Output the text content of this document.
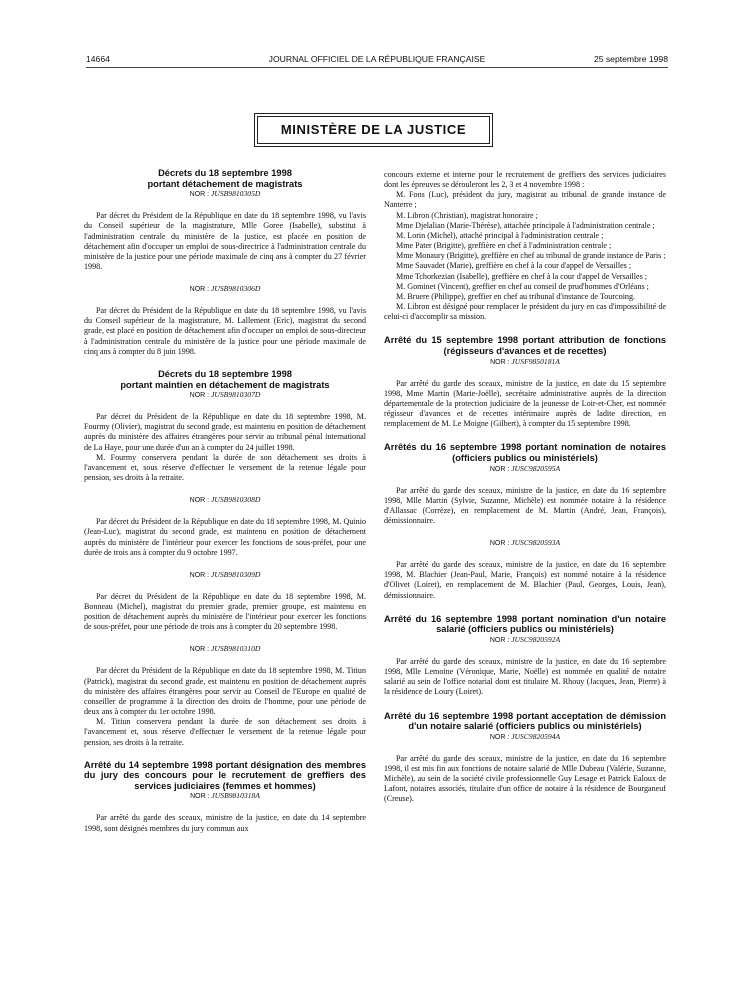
14664	JOURNAL OFFICIEL DE LA RÉPUBLIQUE FRANÇAISE	25 septembre 1998
MINISTÈRE DE LA JUSTICE
Décrets du 18 septembre 1998
portant détachement de magistrats
NOR : JUSB9810305D
Par décret du Président de la République en date du 18 septembre 1998, vu l'avis du Conseil supérieur de la magistrature, Mlle Goree (Isabelle), substitut à l'administration centrale du ministère de la justice, est placée en position de détachement afin d'occuper un emploi de sous-directrice à l'administration centrale du ministère de la justice pour une période maximale de cinq ans à compter du 27 février 1998.
NOR : JUSB9810306D
Par décret du Président de la République en date du 18 septembre 1998, vu l'avis du Conseil supérieur de la magistrature, M. Lallement (Eric), magistrat du second grade, est placé en position de détachement afin d'occuper un emploi de sous-directeur à l'administration centrale du ministère de la justice pour une période maximale de cinq ans à compter du 8 juin 1998.
Décrets du 18 septembre 1998
portant maintien en détachement de magistrats
NOR : JUSB9810307D
Par décret du Président de la République en date du 18 septembre 1998, M. Fourmy (Olivier), magistrat du second grade, est maintenu en position de détachement auprès du ministère des affaires étrangères pour servir au tribunal pénal international de La Haye, pour une durée d'un an à compter du 24 juillet 1998.
M. Fourmy conservera pendant la durée de son détachement ses droits à l'avancement et, sous réserve d'effectuer le versement de la retenue légale pour pension, ses droits à la retraite.
NOR : JUSB9810308D
Par décret du Président de la République en date du 18 septembre 1998, M. Quinio (Jean-Luc), magistrat du second grade, est maintenu en position de détachement auprès du ministère de l'intérieur pour exercer les fonctions de sous-préfet, pour une durée de trois ans à compter du 9 octobre 1997.
NOR : JUSB9810309D
Par décret du Président de la République en date du 18 septembre 1998, M. Bonneau (Michel), magistrat du premier grade, premier groupe, est maintenu en position de détachement auprès du ministère de l'intérieur pour exercer les fonctions de sous-préfet, pour une période de trois ans à compter du 20 septembre 1998.
NOR : JUSB9810310D
Par décret du Président de la République en date du 18 septembre 1998, M. Titiun (Patrick), magistrat du second grade, est maintenu en position de détachement auprès du ministère des affaires étrangères pour servir au Conseil de l'Europe en qualité de conseiller de programme à la direction des droits de l'homme, pour une période de deux ans à compter du 1er octobre 1998.
M. Titiun conservera pendant la durée de son détachement ses droits à l'avancement et, sous réserve d'effectuer le versement de la retenue légale pour pension, ses droits à la retraite.
Arrêté du 14 septembre 1998 portant désignation des membres du jury des concours pour le recrutement de greffiers des services judiciaires (femmes et hommes)
NOR : JUSB9810318A
Par arrêté du garde des sceaux, ministre de la justice, en date du 14 septembre 1998, sont désignés membres du jury commun aux
concours externe et interne pour le recrutement de greffiers des services judiciaires dont les épreuves se dérouleront les 2, 3 et 4 novembre 1998 :
M. Fons (Luc), président du jury, magistrat au tribunal de grande instance de Nanterre ;
M. Libron (Christian), magistrat honoraire ;
Mme Djelalian (Marie-Thérèse), attachée principale à l'administration centrale ;
M. Lorin (Michel), attaché principal à l'administration centrale ;
Mme Pater (Brigitte), greffière en chef à l'administration centrale ;
Mme Monaury (Brigitte), greffière en chef au tribunal de grande instance de Paris ;
Mme Sauvadet (Marie), greffière en chef à la cour d'appel de Versailles ;
Mme Tchorkezian (Isabelle), greffière en chef à la cour d'appel de Versailles ;
M. Gominet (Vincent), greffier en chef au conseil de prud'hommes d'Orléans ;
M. Bruere (Philippe), greffier en chef au tribunal d'instance de Tourcoing.
M. Libron est désigné pour remplacer le président du jury en cas d'impossibilité de celui-ci d'accomplir sa mission.
Arrêté du 15 septembre 1998 portant attribution de fonctions (régisseurs d'avances et de recettes)
NOR : JUSF9850181A
Par arrêté du garde des sceaux, ministre de la justice, en date du 15 septembre 1998, Mme Martin (Marie-Joëlle), secrétaire administrative auprès de la direction départementale de la protection judiciaire de la jeunesse de Loir-et-Cher, est nommée régisseur d'avances et de recettes intérimaire auprès de ladite direction, en remplacement de M. Le Moigne (Gilbert), à compter du 15 septembre 1998.
Arrêtés du 16 septembre 1998 portant nomination de notaires (officiers publics ou ministériels)
NOR : JUSC9820595A
Par arrêté du garde des sceaux, ministre de la justice, en date du 16 septembre 1998, Mlle Martin (Sylvie, Suzanne, Michèle) est nommée notaire à la résidence d'Allassac (Corrèze), en remplacement de M. Martin (André, Jean, François), démissionnaire.
NOR : JUSC9820593A
Par arrêté du garde des sceaux, ministre de la justice, en date du 16 septembre 1998, M. Blachier (Jean-Paul, Marie, François) est nommé notaire à la résidence d'Olivet (Loiret), en remplacement de M. Blachier (Paul, Georges, Louis, Jean), démissionnaire.
Arrêté du 16 septembre 1998 portant nomination d'un notaire salarié (officiers publics ou ministériels)
NOR : JUSC9820592A
Par arrêté du garde des sceaux, ministre de la justice, en date du 16 septembre 1998, Mlle Lemoine (Véronique, Marie, Noëlle) est nommée en qualité de notaire salarié au sein de l'office notarial dont est titulaire M. Rhouy (Jacques, Jean, Pierre) à la résidence de Loury (Loiret).
Arrêté du 16 septembre 1998 portant acceptation de démission d'un notaire salarié (officiers publics ou ministériels)
NOR : JUSC9820594A
Par arrêté du garde des sceaux, ministre de la justice, en date du 16 septembre 1998, il est mis fin aux fonctions de notaire salarié de Mlle Dubeau (Valérie, Suzanne, Michèle), au sein de la société civile professionnelle Guy Lesage et Patrick Ealoux de Lafont, notaires associés, titulaire d'un office de notaire à la résidence de Bourganeuf (Creuse).
